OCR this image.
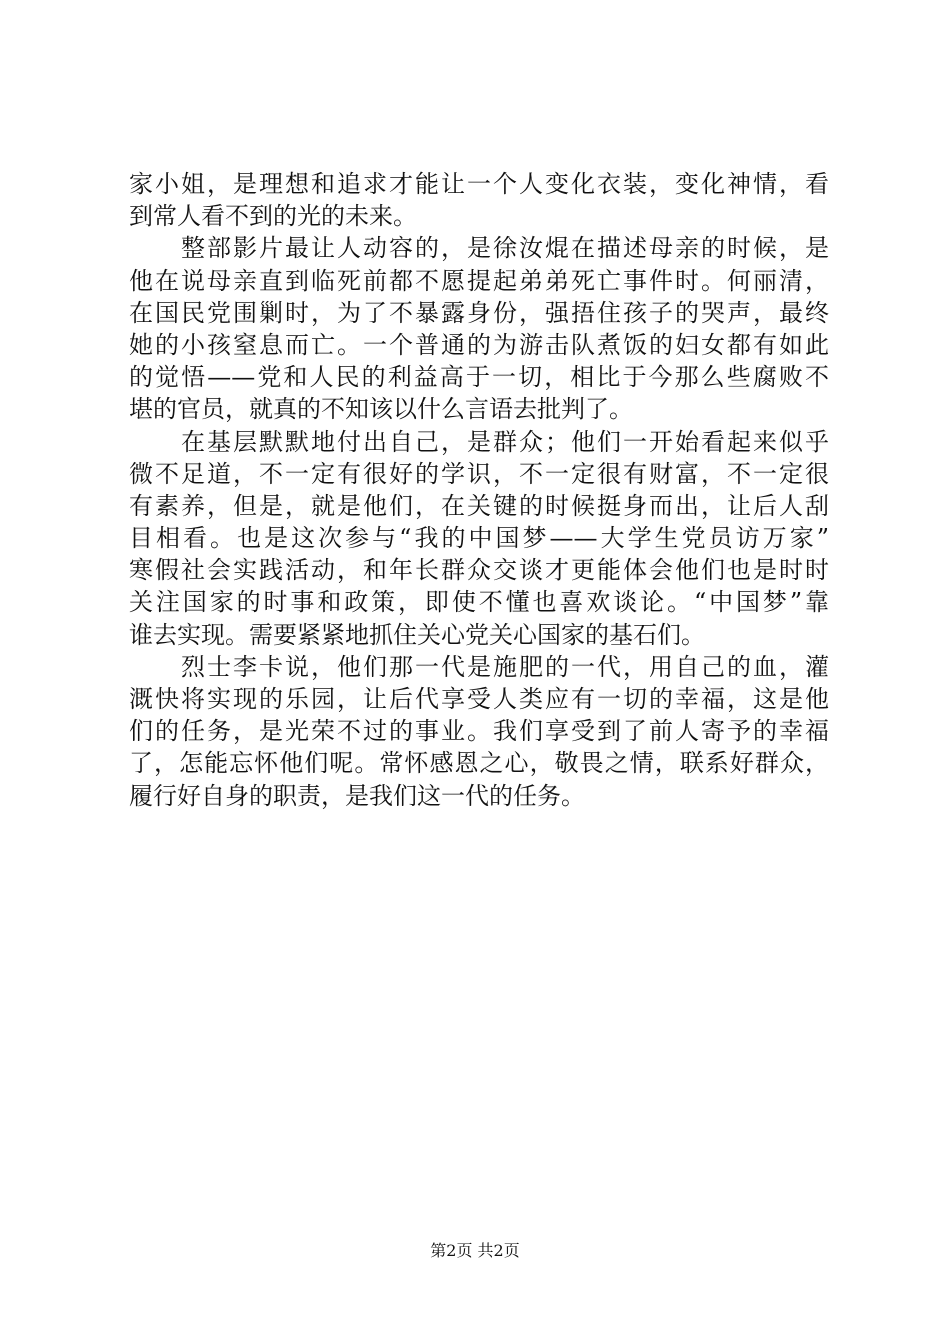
家小姐，是理想和追求才能让一个人变化衣装，变化神情，看
到常人看不到的光的未来。
整部影片最让人动容的，是徐汝焜在描述母亲的时候，是
他在说母亲直到临死前都不愿提起弟弟死亡事件时。何丽清，
在国民党围剿时，为了不暴露身份，强捂住孩子的哭声，最终
她的小孩窒息而亡。一个普通的为游击队煮饭的妇女都有如此
的觉悟——党和人民的利益高于一切，相比于今那么些腐败不
堪的官员，就真的不知该以什么言语去批判了。
在基层默默地付出自己，是群众；他们一开始看起来似乎
微不足道，不一定有很好的学识，不一定很有财富，不一定很
有素养，但是，就是他们，在关键的时候挺身而出，让后人刮
目相看。也是这次参与“我的中国梦——大学生党员访万家”
寒假社会实践活动，和年长群众交谈才更能体会他们也是时时
关注国家的时事和政策，即使不懂也喜欢谈论。“中国梦”靠
谁去实现。需要紧紧地抓住关心党关心国家的基石们。
烈士李卡说，他们那一代是施肥的一代，用自己的血，灌
溉快将实现的乐园，让后代享受人类应有一切的幸福，这是他
们的任务，是光荣不过的事业。我们享受到了前人寄予的幸福
了，怎能忘怀他们呢。常怀感恩之心，敬畏之情，联系好群众，
履行好自身的职责，是我们这一代的任务。
第2页 共2页
